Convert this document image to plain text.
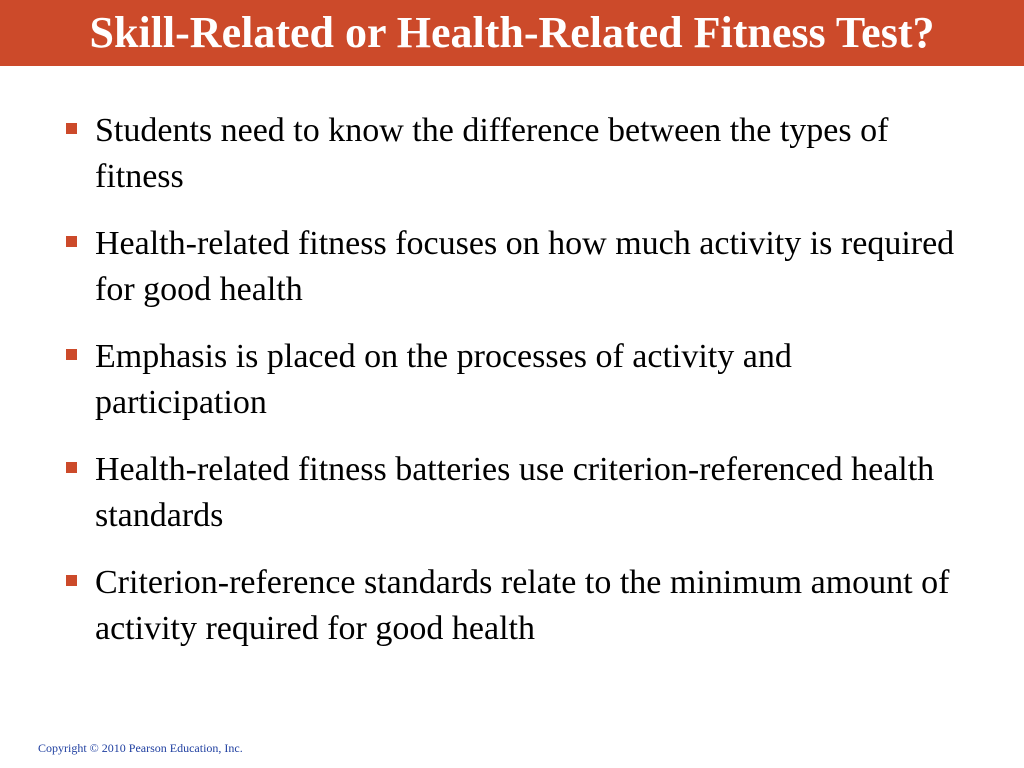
Skill-Related or Health-Related Fitness Test?
Students need to know the difference between the types of fitness
Health-related fitness focuses on how much activity is required for good health
Emphasis is placed on the processes of activity and participation
Health-related fitness batteries use criterion-referenced health standards
Criterion-reference standards relate to the minimum amount of activity required for good health
Copyright © 2010 Pearson Education, Inc.
